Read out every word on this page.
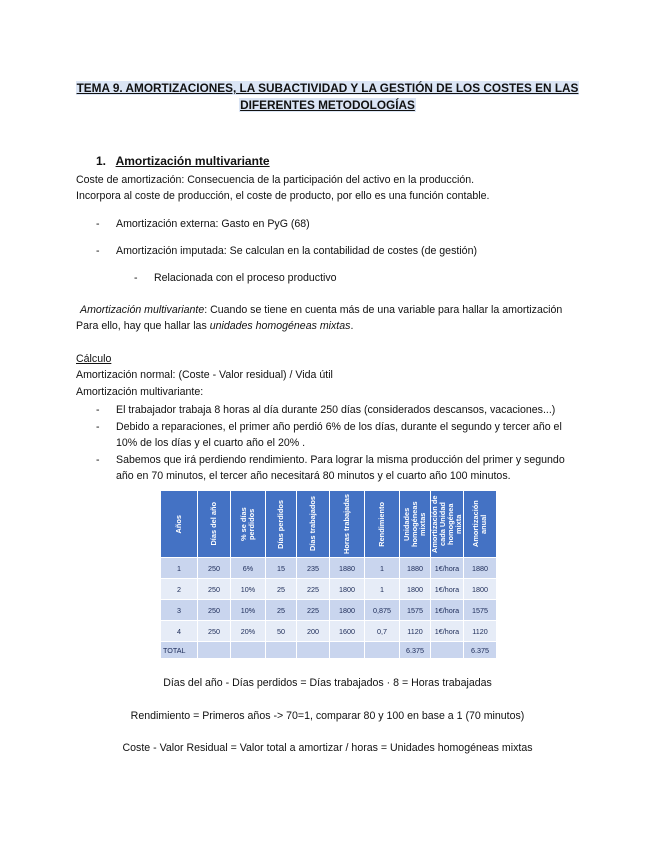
TEMA 9. AMORTIZACIONES, LA SUBACTIVIDAD Y LA GESTIÓN DE LOS COSTES EN LAS
DIFERENTES METODOLOGÍAS
1. Amortización multivariante
Coste de amortización: Consecuencia de la participación del activo en la producción.
Incorpora al coste de producción, el coste de producto, por ello es una función contable.
- Amortización externa: Gasto en PyG (68)
- Amortización imputada: Se calculan en la contabilidad de costes (de gestión)
- Relacionada con el proceso productivo
Amortización multivariante: Cuando se tiene en cuenta más de una variable para hallar la amortización
Para ello, hay que hallar las unidades homogéneas mixtas.
Cálculo
Amortización normal: (Coste - Valor residual) / Vida útil
Amortización multivariante:
- El trabajador trabaja 8 horas al día durante 250 días (considerados descansos, vacaciones...)
- Debido a reparaciones, el primer año perdió 6% de los días, durante el segundo y tercer año el
10% de los días y el cuarto año el 20% .
- Sabemos que irá perdiendo rendimiento. Para lograr la misma producción del primer y segundo
año en 70 minutos, el tercer año necesitará 80 minutos y el cuarto año 100 minutos.
Años	Días del año	% se días perdidos	Días perdidos	Días trabajados	Horas trabajadas	Rendimiento	Unidades homogéneas mixtas	Amortización de cada Unidad homogénea mixta	Amortización anual

1	250	6%	15	235	1880	1	1880	1€/hora	1880
2	250	10%	25	225	1800	1	1800	1€/hora	1800
3	250	10%	25	225	1800	0,875	1575	1€/hora	1575
4	250	20%	50	200	1600	0,7	1120	1€/hora	1120
TOTAL							6.375		6.375
Días del año - Días perdidos = Días trabajados · 8 = Horas trabajadas
Rendimiento = Primeros años -> 70=1, comparar 80 y 100 en base a 1 (70 minutos)
Coste - Valor Residual = Valor total a amortizar / horas = Unidades homogéneas mixtas
